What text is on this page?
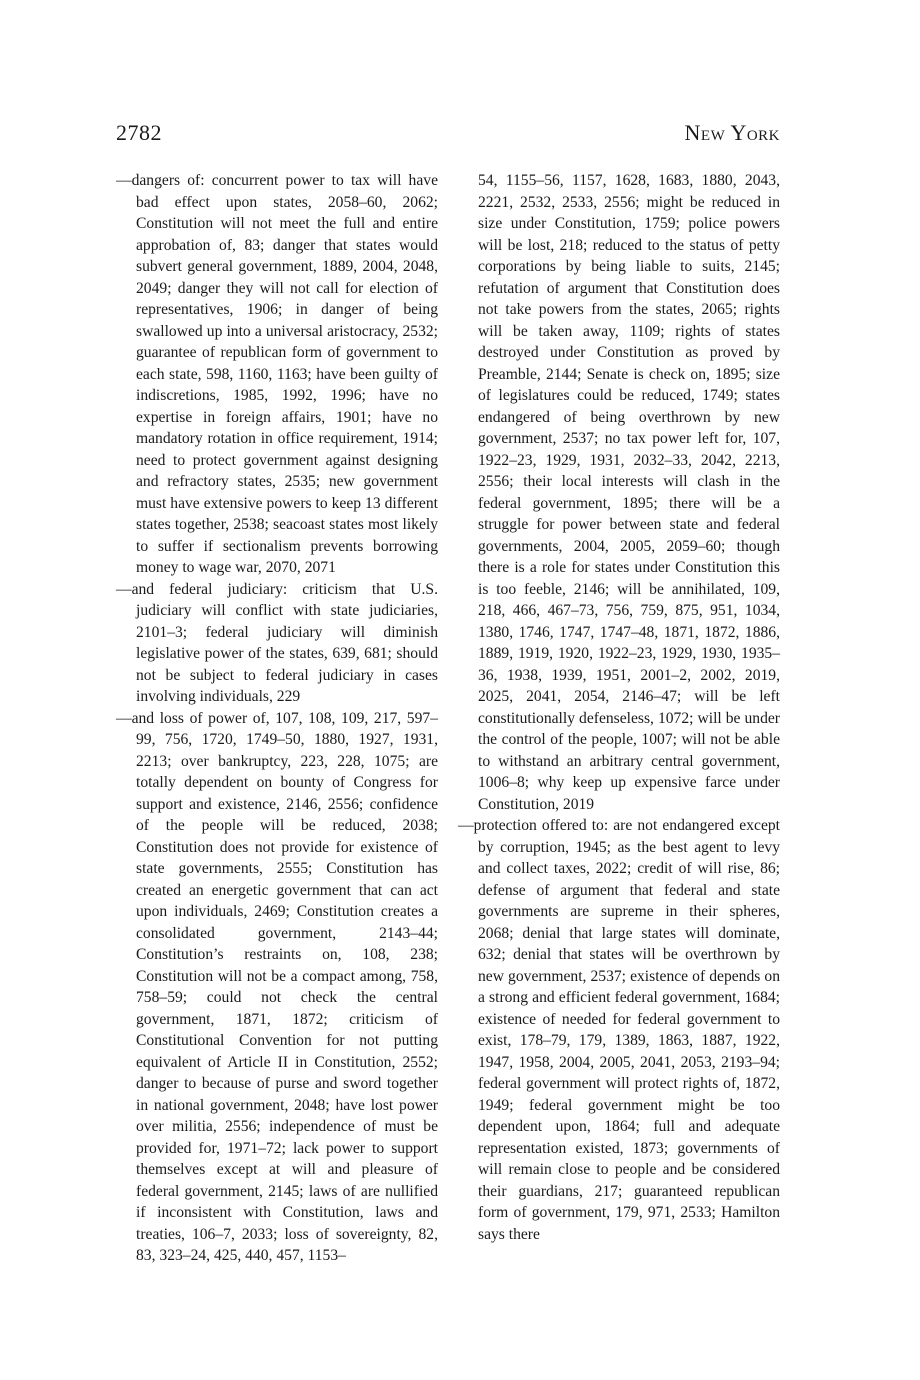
2782	New York

—dangers of: concurrent power to tax will have bad effect upon states, 2058–60, 2062; Constitution will not meet the full and entire approbation of, 83; danger that states would subvert general government, 1889, 2004, 2048, 2049; danger they will not call for election of representatives, 1906; in danger of being swallowed up into a universal aristocracy, 2532; guarantee of republican form of government to each state, 598, 1160, 1163; have been guilty of indiscretions, 1985, 1992, 1996; have no expertise in foreign affairs, 1901; have no mandatory rotation in office requirement, 1914; need to protect government against designing and refractory states, 2535; new government must have extensive powers to keep 13 different states together, 2538; seacoast states most likely to suffer if sectionalism prevents borrowing money to wage war, 2070, 2071

—and federal judiciary: criticism that U.S. judiciary will conflict with state judiciaries, 2101–3; federal judiciary will diminish legislative power of the states, 639, 681; should not be subject to federal judiciary in cases involving individuals, 229

—and loss of power of, 107, 108, 109, 217, 597–99, 756, 1720, 1749–50, 1880, 1927, 1931, 2213; over bankruptcy, 223, 228, 1075; are totally dependent on bounty of Congress for support and existence, 2146, 2556; confidence of the people will be reduced, 2038; Constitution does not provide for existence of state governments, 2555; Constitution has created an energetic government that can act upon individuals, 2469; Constitution creates a consolidated government, 2143–44; Constitution’s restraints on, 108, 238; Constitution will not be a compact among, 758, 758–59; could not check the central government, 1871, 1872; criticism of Constitutional Convention for not putting equivalent of Article II in Constitution, 2552; danger to because of purse and sword together in national government, 2048; have lost power over militia, 2556; independence of must be provided for, 1971–72; lack power to support themselves except at will and pleasure of federal government, 2145; laws of are nullified if inconsistent with Constitution, laws and treaties, 106–7, 2033; loss of sovereignty, 82, 83, 323–24, 425, 440, 457, 1153–

54, 1155–56, 1157, 1628, 1683, 1880, 2043, 2221, 2532, 2533, 2556; might be reduced in size under Constitution, 1759; police powers will be lost, 218; reduced to the status of petty corporations by being liable to suits, 2145; refutation of argument that Constitution does not take powers from the states, 2065; rights will be taken away, 1109; rights of states destroyed under Constitution as proved by Preamble, 2144; Senate is check on, 1895; size of legislatures could be reduced, 1749; states endangered of being overthrown by new government, 2537; no tax power left for, 107, 1922–23, 1929, 1931, 2032–33, 2042, 2213, 2556; their local interests will clash in the federal government, 1895; there will be a struggle for power between state and federal governments, 2004, 2005, 2059–60; though there is a role for states under Constitution this is too feeble, 2146; will be annihilated, 109, 218, 466, 467–73, 756, 759, 875, 951, 1034, 1380, 1746, 1747, 1747–48, 1871, 1872, 1886, 1889, 1919, 1920, 1922–23, 1929, 1930, 1935–36, 1938, 1939, 1951, 2001–2, 2002, 2019, 2025, 2041, 2054, 2146–47; will be left constitutionally defenseless, 1072; will be under the control of the people, 1007; will not be able to withstand an arbitrary central government, 1006–8; why keep up expensive farce under Constitution, 2019

—protection offered to: are not endangered except by corruption, 1945; as the best agent to levy and collect taxes, 2022; credit of will rise, 86; defense of argument that federal and state governments are supreme in their spheres, 2068; denial that large states will dominate, 632; denial that states will be overthrown by new government, 2537; existence of depends on a strong and efficient federal government, 1684; existence of needed for federal government to exist, 178–79, 179, 1389, 1863, 1887, 1922, 1947, 1958, 2004, 2005, 2041, 2053, 2193–94; federal government will protect rights of, 1872, 1949; federal government might be too dependent upon, 1864; full and adequate representation existed, 1873; governments of will remain close to people and be considered their guardians, 217; guaranteed republican form of government, 179, 971, 2533; Hamilton says there
